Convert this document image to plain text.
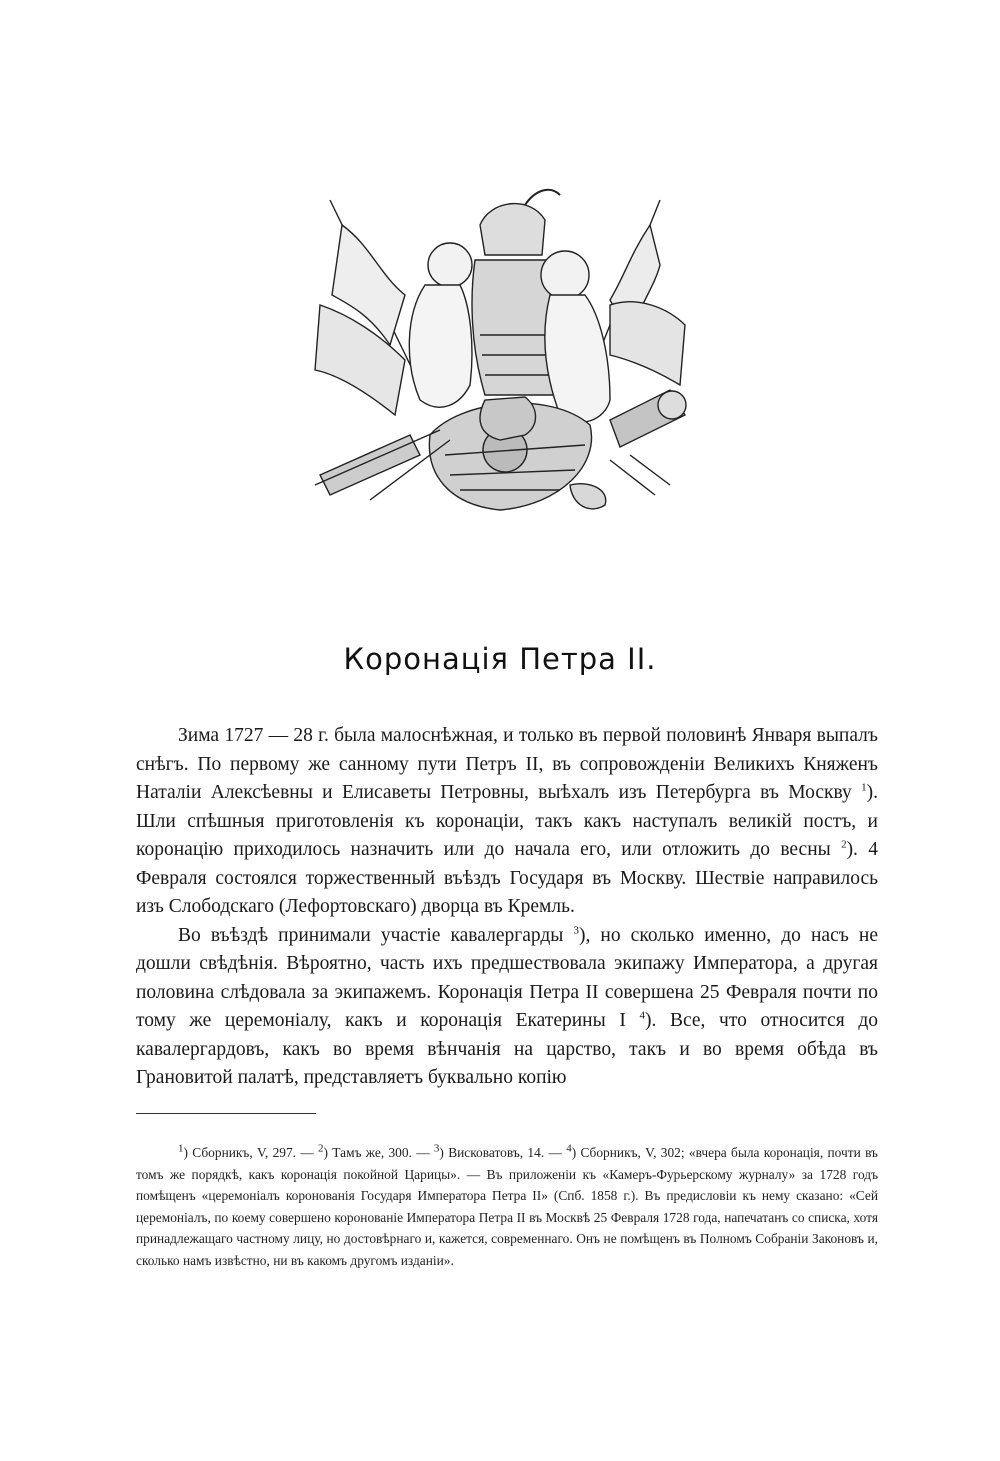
Коронація Петра II.

Зима 1727 — 28 г. была малоснѣжная, и только въ первой половинѣ Января выпалъ снѣгъ. По первому же санному пути Петръ II, въ сопровожденіи Великихъ Княженъ Наталіи Алексѣевны и Елисаветы Петровны, выѣхалъ изъ Петербурга въ Москву $^1$). Шли спѣшныя приготовленія къ коронаціи, такъ какъ наступалъ великій постъ, и коронацію приходилось назначить или до начала его, или отложить до весны $^2$). 4 Февраля состоялся торжественный въѣздъ Государя въ Москву. Шествіе направилось изъ Слободскаго (Лефортовскаго) дворца въ Кремль.

Во въѣздѣ принимали участіе кавалергарды $^3$), но сколько именно, до насъ не дошли свѣдѣнія. Вѣроятно, часть ихъ предшествовала экипажу Императора, а другая половина слѣдовала за экипажемъ. Коронація Петра II совершена 25 Февраля почти по тому же церемоніалу, какъ и коронація Екатерины I $^4$). Все, что относится до кавалергардовъ, какъ во время вѣнчанія на царство, такъ и во время обѣда въ Грановитой палатѣ, представляетъ буквально копію

$^1$) Сборникъ, V, 297. — $^2$) Тамъ же, 300. — $^3$) Висковатовъ, 14. — $^4$) Сборникъ, V, 302; «вчера была коронація, почти въ томъ же порядкѣ, какъ коронація покойной Царицы». — Въ приложеніи къ «Камеръ-Фурьерскому журналу» за 1728 годъ помѣщенъ «церемоніалъ коронованія Государя Императора Петра II» (Спб. 1858 г.). Въ предисловіи къ нему сказано: «Сей церемоніалъ, по коему совершено коронованіе Императора Петра II въ Москвѣ 25 Февраля 1728 года, напечатанъ со списка, хотя принадлежащаго частному лицу, но достовѣрнаго и, кажется, современнаго. Онъ не помѣщенъ въ Полномъ Собраніи Законовъ и, сколько намъ извѣстно, ни въ какомъ другомъ изданіи».
